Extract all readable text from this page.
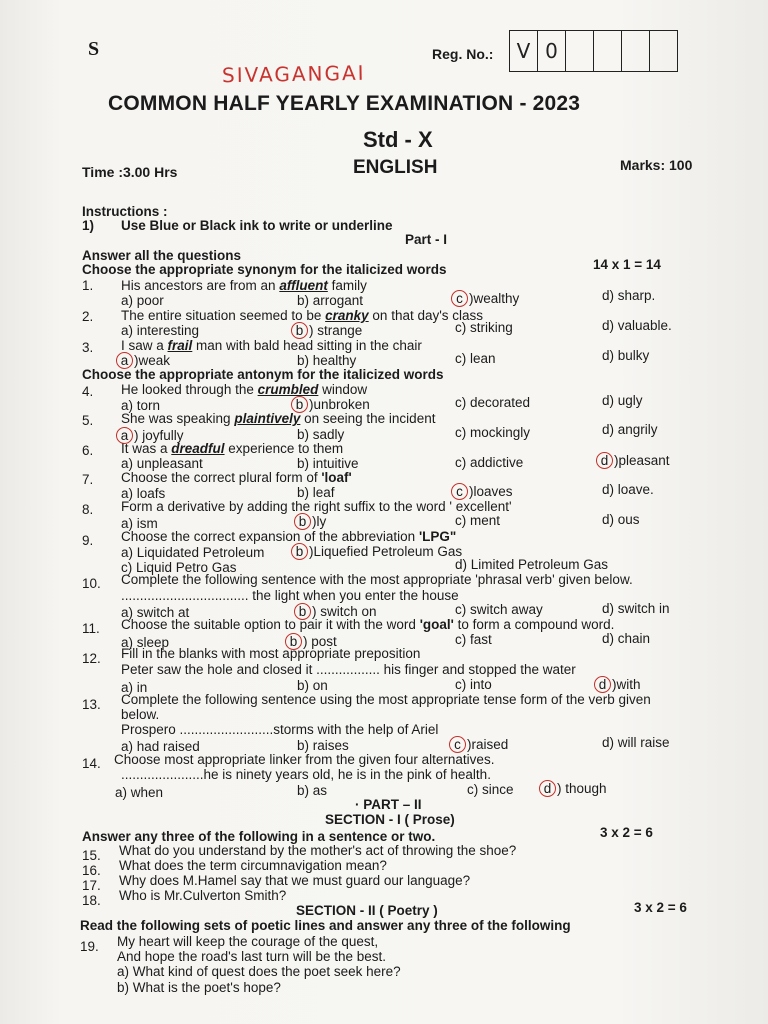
S	Reg. No.:	V 0
SIVAGANGAI
COMMON HALF YEARLY EXAMINATION - 2023
Std - X
Time :3.00 Hrs	ENGLISH	Marks: 100
Instructions :
1) Use Blue or Black ink to write or underline
Part - I
Answer all the questions
Choose the appropriate synonym for the italicized words	14 x 1 = 14
1. His ancestors are from an affluent family
a) poor	b) arrogant	c )wealthy	d) sharp.
2. The entire situation seemed to be cranky on that day's class
a) interesting	b ) strange	c) striking	d) valuable.
3. I saw a frail man with bald head sitting in the chair
a )weak	b) healthy	c) lean	d) bulky
Choose the appropriate antonym for the italicized words
4. He looked through the crumbled window
a) torn	b )unbroken	c) decorated	d) ugly
5. She was speaking plaintively on seeing the incident
a ) joyfully	b) sadly	c) mockingly	d) angrily
6. It was a dreadful experience to them
a) unpleasant	b) intuitive	c) addictive	d )pleasant
7. Choose the correct plural form of 'loaf'
a) loafs	b) leaf	c )loaves	d) loave.
8. Form a derivative by adding the right suffix to the word ' excellent'
a) ism	b )ly	c) ment	d) ous
9. Choose the correct expansion of the abbreviation 'LPG"
a) Liquidated Petroleum b )Liquefied Petroleum Gas
c) Liquid Petro Gas	d) Limited Petroleum Gas
10. Complete the following sentence with the most appropriate 'phrasal verb' given below.
.................................. the light when you enter the house
a) switch at	b ) switch on	c) switch away	d) switch in
11. Choose the suitable option to pair it with the word 'goal' to form a compound word.
a) sleep	b ) post	c) fast	d) chain
12. Fill in the blanks with most appropriate preposition
Peter saw the hole and closed it ................. his finger and stopped the water
a) in	b) on	c) into	d )with
13. Complete the following sentence using the most appropriate tense form of the verb given
below.
Prospero .........................storms with the help of Ariel
a) had raised	b) raises	c )raised	d) will raise
14. Choose most appropriate linker from the given four alternatives.
......................he is ninety years old, he is in the pink of health.
a) when	b) as	c) since d ) though
· PART – II
SECTION - I ( Prose)
Answer any three of the following in a sentence or two.	3 x 2 = 6
15. What do you understand by the mother's act of throwing the shoe?
16. What does the term circumnavigation mean?
17. Why does M.Hamel say that we must guard our language?
18. Who is Mr.Culverton Smith?
SECTION - II ( Poetry )	3 x 2 = 6
Read the following sets of poetic lines and answer any three of the following
19. My heart will keep the courage of the quest,
And hope the road's last turn will be the best.
a) What kind of quest does the poet seek here?
b) What is the poet's hope?
